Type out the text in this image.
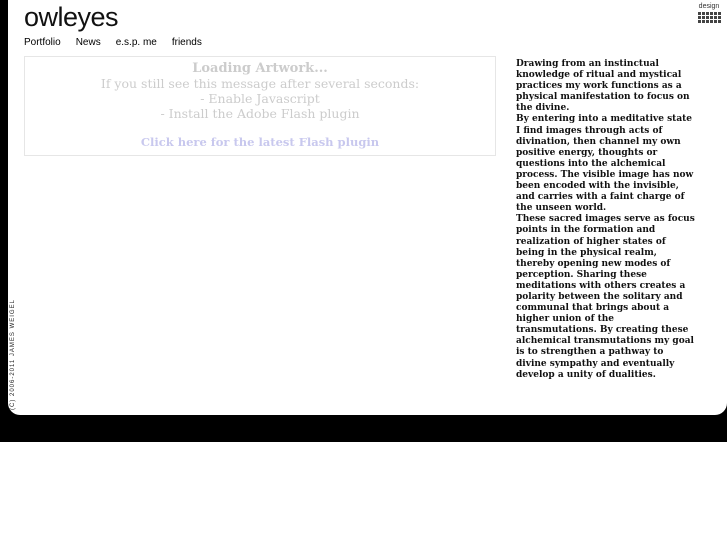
owleyes
Portfolio News e.s.p. me friends
design
Loading Artwork...
If you still see this message after several seconds:
- Enable Javascript
- Install the Adobe Flash plugin
Click here for the latest Flash plugin

Drawing from an instinctual knowledge of ritual and mystical practices my work functions as a physical manifestation to focus on the divine.

By entering into a meditative state I find images through acts of divination, then channel my own positive energy, thoughts or questions into the alchemical process. The visible image has now been encoded with the invisible, and carries with a faint charge of the unseen world.

These sacred images serve as focus points in the formation and realization of higher states of being in the physical realm, thereby opening new modes of perception. Sharing these meditations with others creates a polarity between the solitary and communal that brings about a higher union of the transmutations. By creating these alchemical transmutations my goal is to strengthen a pathway to divine sympathy and eventually develop a unity of dualities.

(C) 2006-2011 JAMES WEIGEL
